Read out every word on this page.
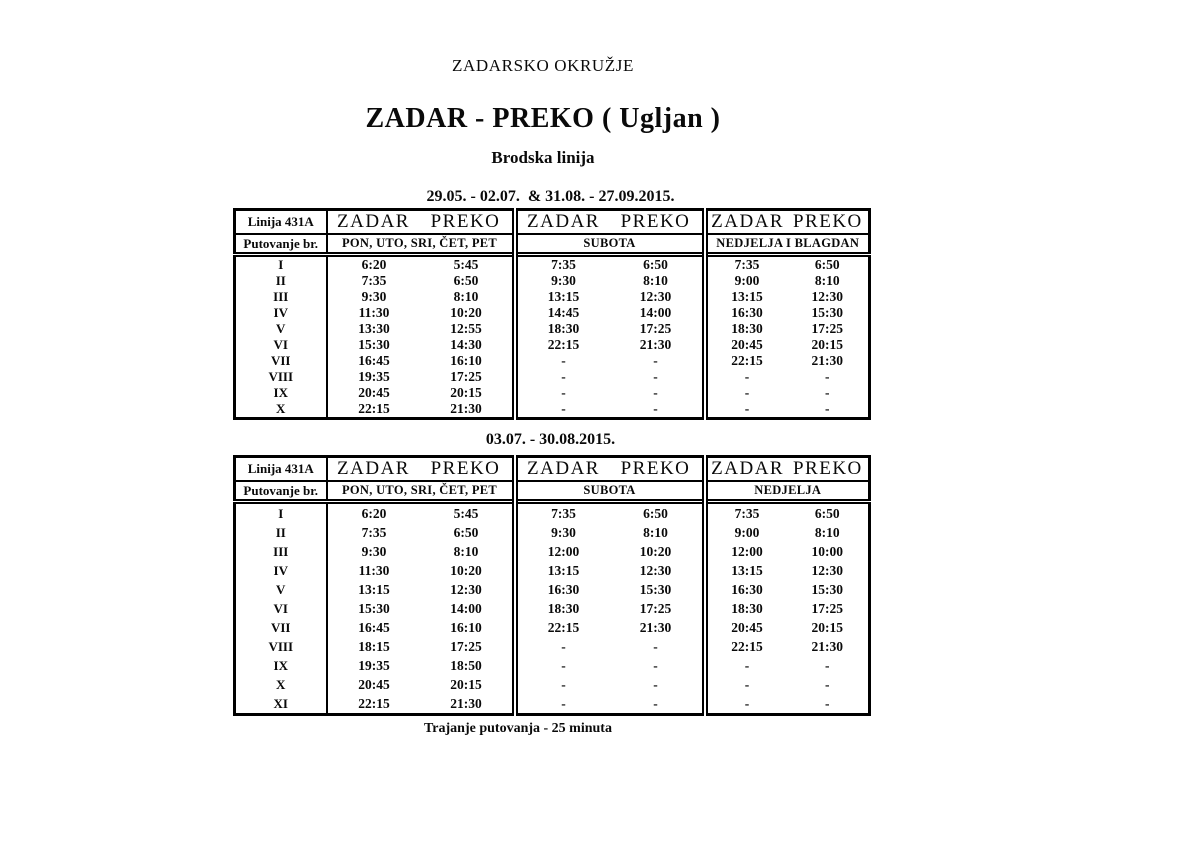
ZADARSKO OKRUŽJE
ZADAR - PREKO ( Ugljan )
Brodska linija
29.05. - 02.07.  & 31.08. - 27.09.2015.
Linija 431A	ZADAR PREKO		ZADAR PREKO		ZADAR PREKO	
Putovanje br.	PON, UTO, SRI, ČET, PET		SUBOTA		NEDJELJA I BLAGDAN	
I	6:20	5:45	7:35	6:50	7:35	6:50
II	7:35	6:50	9:30	8:10	9:00	8:10
III	9:30	8:10	13:15	12:30	13:15	12:30
IV	11:30	10:20	14:45	14:00	16:30	15:30
V	13:30	12:55	18:30	17:25	18:30	17:25
VI	15:30	14:30	22:15	21:30	20:45	20:15
VII	16:45	16:10	-	-	22:15	21:30
VIII	19:35	17:25	-	-	-	-
IX	20:45	20:15	-	-	-	-
X	22:15	21:30	-	-	-	-
03.07. - 30.08.2015.
Linija 431A	ZADAR PREKO		ZADAR PREKO		ZADAR PREKO	
Putovanje br.	PON, UTO, SRI, ČET, PET		SUBOTA		NEDJELJA	
I	6:20	5:45	7:35	6:50	7:35	6:50
II	7:35	6:50	9:30	8:10	9:00	8:10
III	9:30	8:10	12:00	10:20	12:00	10:00
IV	11:30	10:20	13:15	12:30	13:15	12:30
V	13:15	12:30	16:30	15:30	16:30	15:30
VI	15:30	14:00	18:30	17:25	18:30	17:25
VII	16:45	16:10	22:15	21:30	20:45	20:15
VIII	18:15	17:25	-	-	22:15	21:30
IX	19:35	18:50	-	-	-	-
X	20:45	20:15	-	-	-	-
XI	22:15	21:30	-	-	-	-
Trajanje putovanja - 25 minuta
